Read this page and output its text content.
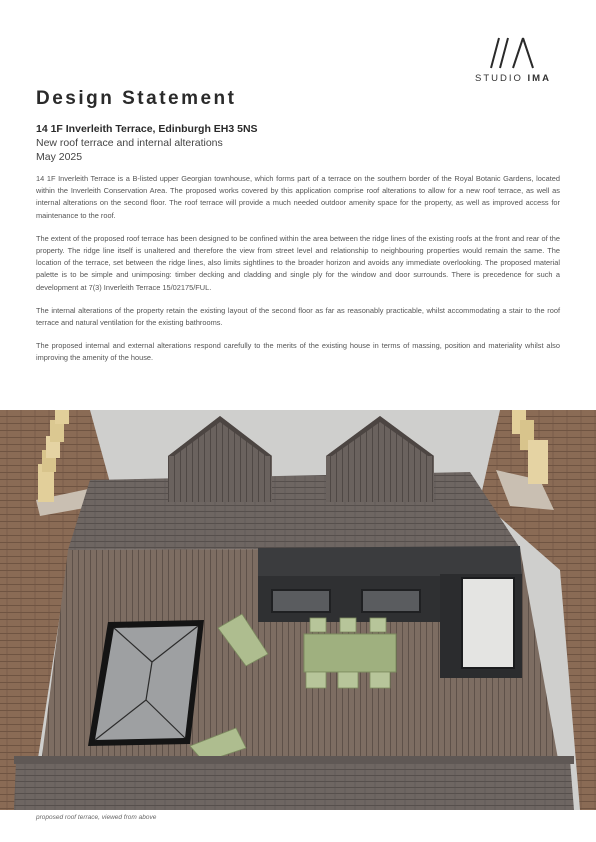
STUDIO IMA
Design Statement
14 1F Inverleith Terrace, Edinburgh EH3 5NS
New roof terrace and internal alterations
May 2025

14 1F Inverleith Terrace is a B-listed upper Georgian townhouse, which forms part of a terrace on the southern border of the Royal Botanic Gardens, located within the Inverleith Conservation Area. The proposed works covered by this application comprise roof alterations to allow for a new roof terrace, as well as internal alterations on the second floor. The roof terrace will provide a much needed outdoor amenity space for the property, as well as improved access for maintenance to the roof.

The extent of the proposed roof terrace has been designed to be confined within the area between the ridge lines of the existing roofs at the front and rear of the property. The ridge line itself is unaltered and therefore the view from street level and relationship to neighbouring properties would remain the same. The location of the terrace, set between the ridge lines, also limits sightlines to the broader horizon and avoids any immediate overlooking. The proposed material palette is to be simple and unimposing: timber decking and cladding and single ply for the window and door surrounds. There is precedence for such a development at 7(3) Inverleith Terrace 15/02175/FUL.

The internal alterations of the property retain the existing layout of the second floor as far as reasonably practicable, whilst accommodating a stair to the roof terrace and natural ventilation for the existing bathrooms.

The proposed internal and external alterations respond carefully to the merits of the existing house in terms of massing, position and materiality whilst also improving the amenity of the house.

proposed roof terrace, viewed from above
